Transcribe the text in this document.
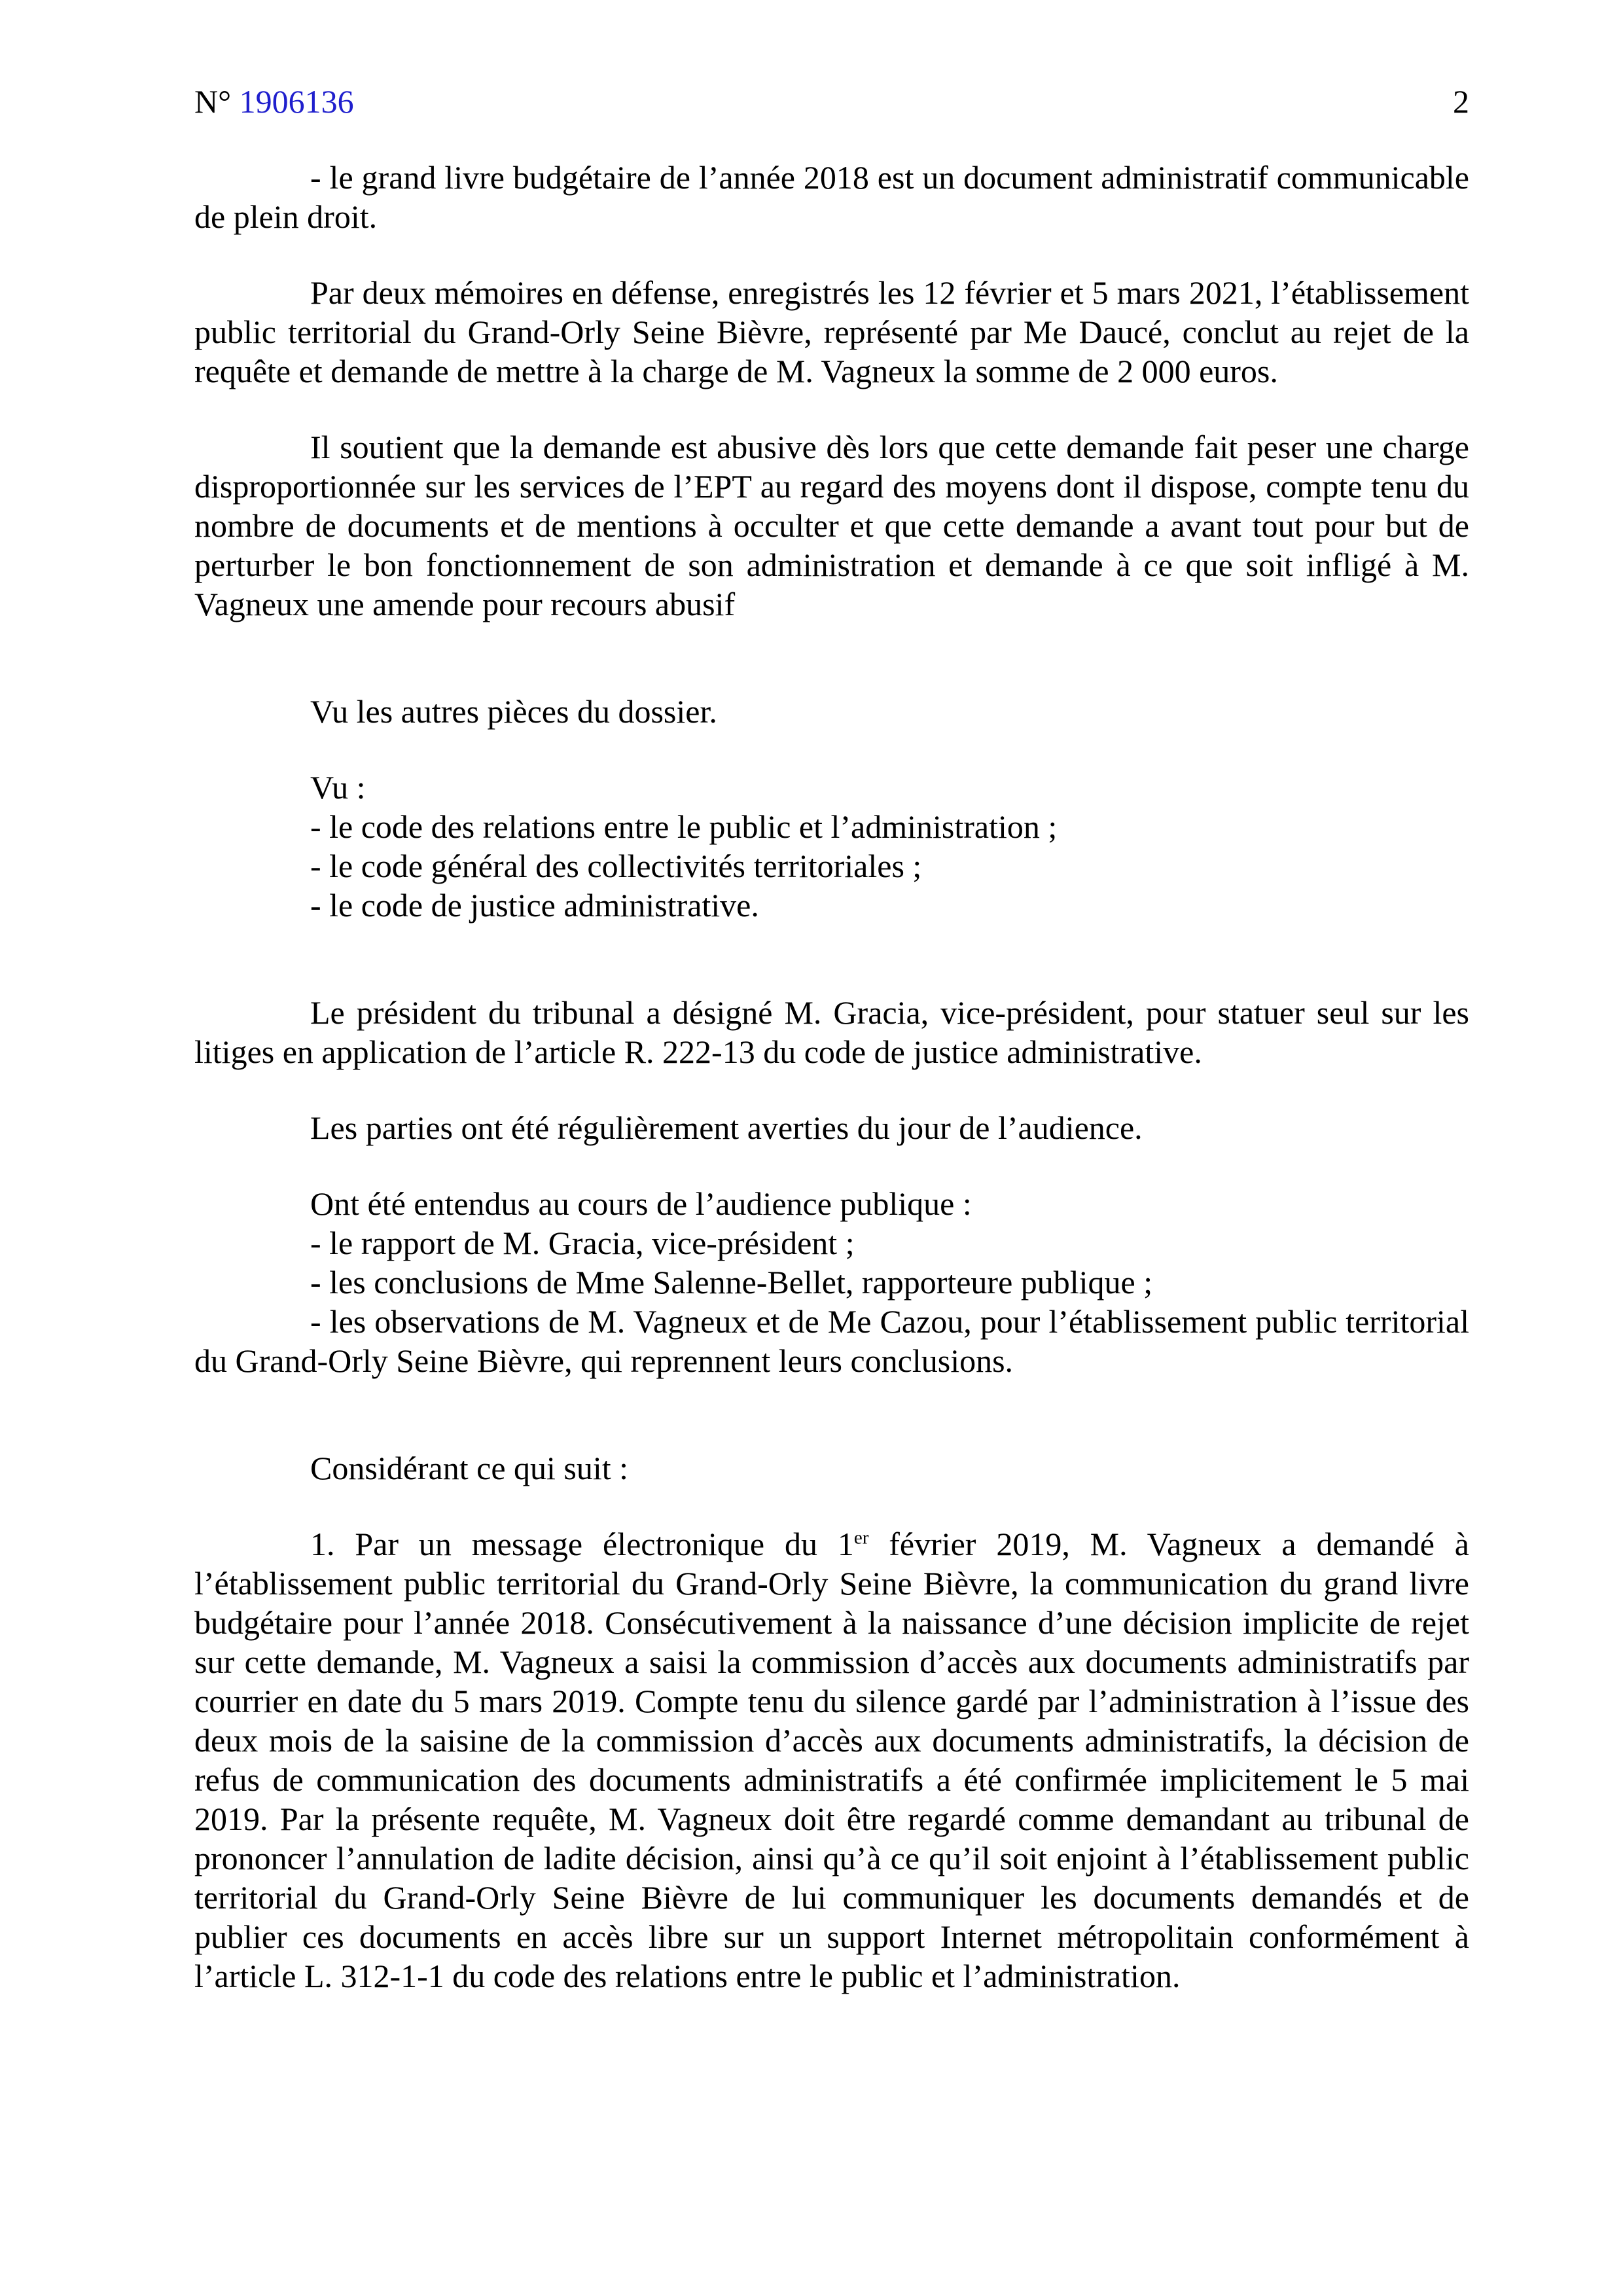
N° 1906136	2

- le grand livre budgétaire de l’année 2018 est un document administratif communicable de plein droit.

Par deux mémoires en défense, enregistrés les 12 février et 5 mars 2021, l’établissement public territorial du Grand-Orly Seine Bièvre, représenté par Me Daucé, conclut au rejet de la requête et demande de mettre à la charge de M. Vagneux la somme de 2 000 euros.

Il soutient que la demande est abusive dès lors que cette demande fait peser une charge disproportionnée sur les services de l’EPT au regard des moyens dont il dispose, compte tenu du nombre de documents et de mentions à occulter et que cette demande a avant tout pour but de perturber le bon fonctionnement de son administration et demande à ce que soit infligé à M. Vagneux une amende pour recours abusif

Vu les autres pièces du dossier.

Vu :

- le code des relations entre le public et l’administration ;

- le code général des collectivités territoriales ;

- le code de justice administrative.

Le président du tribunal a désigné M. Gracia, vice-président, pour statuer seul sur les litiges en application de l’article R. 222-13 du code de justice administrative.

Les parties ont été régulièrement averties du jour de l’audience.

Ont été entendus au cours de l’audience publique :

- le rapport de M. Gracia, vice-président ;

- les conclusions de Mme Salenne-Bellet, rapporteure publique ;

- les observations de M. Vagneux et de Me Cazou, pour l’établissement public territorial du Grand-Orly Seine Bièvre, qui reprennent leurs conclusions.

Considérant ce qui suit :

1. Par un message électronique du 1er février 2019, M. Vagneux a demandé à l’établissement public territorial du Grand-Orly Seine Bièvre, la communication du grand livre budgétaire pour l’année 2018. Consécutivement à la naissance d’une décision implicite de rejet sur cette demande, M. Vagneux a saisi la commission d’accès aux documents administratifs par courrier en date du 5 mars 2019. Compte tenu du silence gardé par l’administration à l’issue des deux mois de la saisine de la commission d’accès aux documents administratifs, la décision de refus de communication des documents administratifs a été confirmée implicitement le 5 mai 2019. Par la présente requête, M. Vagneux doit être regardé comme demandant au tribunal de prononcer l’annulation de ladite décision, ainsi qu’à ce qu’il soit enjoint à l’établissement public territorial du Grand-Orly Seine Bièvre de lui communiquer les documents demandés et de publier ces documents en accès libre sur un support Internet métropolitain conformément à l’article L. 312-1-1 du code des relations entre le public et l’administration.
